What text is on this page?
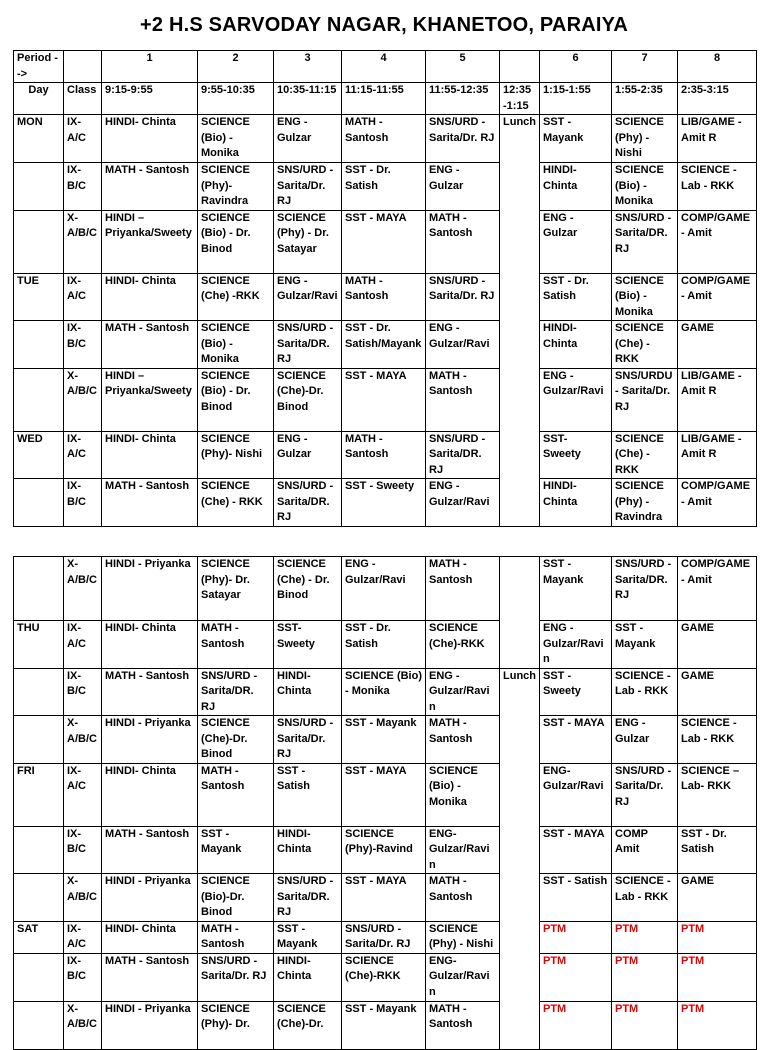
+2 H.S SARVODAY NAGAR, KHANETOO, PARAIYA
Period -->		1	2	3	4	5		6	7	8
Day	Class	9:15-9:55	9:55-10:35	10:35-11:15	11:15-11:55	11:55-12:35	12:35 -1:15	1:15-1:55	1:55-2:35	2:35-3:15
MON	IX-A/C	HINDI- Chinta	SCIENCE (Bio) - Monika	ENG - Gulzar	MATH - Santosh	SNS/URD - Sarita/Dr. RJ	Lunch	SST - Mayank	SCIENCE (Phy) - Nishi	LIB/GAME - Amit R
	IX-B/C	MATH - Santosh	SCIENCE (Phy)-Ravindra	SNS/URD - Sarita/Dr. RJ	SST - Dr. Satish	ENG - Gulzar		HINDI- Chinta	SCIENCE (Bio) - Monika	SCIENCE - Lab - RKK
	X-A/B/C	HINDI – Priyanka/Sweety	SCIENCE (Bio) - Dr. Binod	SCIENCE (Phy) - Dr. Satayar	SST - MAYA	MATH - Santosh		ENG - Gulzar	SNS/URD - Sarita/DR. RJ	COMP/GAME - Amit
TUE	IX-A/C	HINDI- Chinta	SCIENCE (Che) -RKK	ENG - Gulzar/Ravi	MATH - Santosh	SNS/URD - Sarita/Dr. RJ		SST - Dr. Satish	SCIENCE (Bio) - Monika	COMP/GAME - Amit
	IX-B/C	MATH - Santosh	SCIENCE (Bio) - Monika	SNS/URD - Sarita/DR. RJ	SST - Dr. Satish/Mayank	ENG - Gulzar/Ravi		HINDI- Chinta	SCIENCE (Che) - RKK	GAME
	X-A/B/C	HINDI – Priyanka/Sweety	SCIENCE (Bio) - Dr. Binod	SCIENCE (Che)-Dr. Binod	SST - MAYA	MATH - Santosh		ENG - Gulzar/Ravi	SNS/URDU - Sarita/Dr. RJ	LIB/GAME - Amit R
WED	IX-A/C	HINDI- Chinta	SCIENCE (Phy)- Nishi	ENG - Gulzar	MATH - Santosh	SNS/URD - Sarita/DR. RJ		SST- Sweety	SCIENCE (Che) - RKK	LIB/GAME - Amit R
	IX-B/C	MATH - Santosh	SCIENCE (Che) - RKK	SNS/URD - Sarita/DR. RJ	SST - Sweety	ENG - Gulzar/Ravi		HINDI- Chinta	SCIENCE (Phy) - Ravindra	COMP/GAME - Amit
	X-A/B/C	HINDI - Priyanka	SCIENCE (Phy)- Dr. Satayar	SCIENCE (Che) - Dr. Binod	ENG - Gulzar/Ravi	MATH - Santosh		SST - Mayank	SNS/URD - Sarita/DR. RJ	COMP/GAME - Amit
THU	IX-A/C	HINDI- Chinta	MATH - Santosh	SST- Sweety	SST - Dr. Satish	SCIENCE (Che)-RKK		ENG - Gulzar/Ravin	SST - Mayank	GAME
	IX-B/C	MATH - Santosh	SNS/URD - Sarita/DR. RJ	HINDI- Chinta	SCIENCE (Bio) - Monika	ENG - Gulzar/Ravin	Lunch	SST - Sweety	SCIENCE - Lab - RKK	GAME
	X-A/B/C	HINDI - Priyanka	SCIENCE (Che)-Dr. Binod	SNS/URD - Sarita/Dr. RJ	SST - Mayank	MATH - Santosh		SST - MAYA	ENG - Gulzar	SCIENCE - Lab - RKK
FRI	IX-A/C	HINDI- Chinta	MATH - Santosh	SST - Satish	SST - MAYA	SCIENCE (Bio) - Monika		ENG- Gulzar/Ravi	SNS/URD - Sarita/Dr. RJ	SCIENCE – Lab- RKK
	IX-B/C	MATH - Santosh	SST - Mayank	HINDI- Chinta	SCIENCE (Phy)-Ravind	ENG- Gulzar/Ravin		SST - MAYA	COMP Amit	SST - Dr. Satish
	X-A/B/C	HINDI - Priyanka	SCIENCE (Bio)-Dr. Binod	SNS/URD - Sarita/DR. RJ	SST - MAYA	MATH - Santosh		SST - Satish	SCIENCE - Lab - RKK	GAME
SAT	IX-A/C	HINDI- Chinta	MATH - Santosh	SST - Mayank	SNS/URD - Sarita/Dr. RJ	SCIENCE (Phy) - Nishi		PTM	PTM	PTM
	IX-B/C	MATH - Santosh	SNS/URD - Sarita/Dr. RJ	HINDI- Chinta	SCIENCE (Che)-RKK	ENG- Gulzar/Ravin		PTM	PTM	PTM
	X-A/B/C	HINDI - Priyanka	SCIENCE (Phy)- Dr.	SCIENCE (Che)-Dr.	SST - Mayank	MATH - Santosh		PTM	PTM	PTM
